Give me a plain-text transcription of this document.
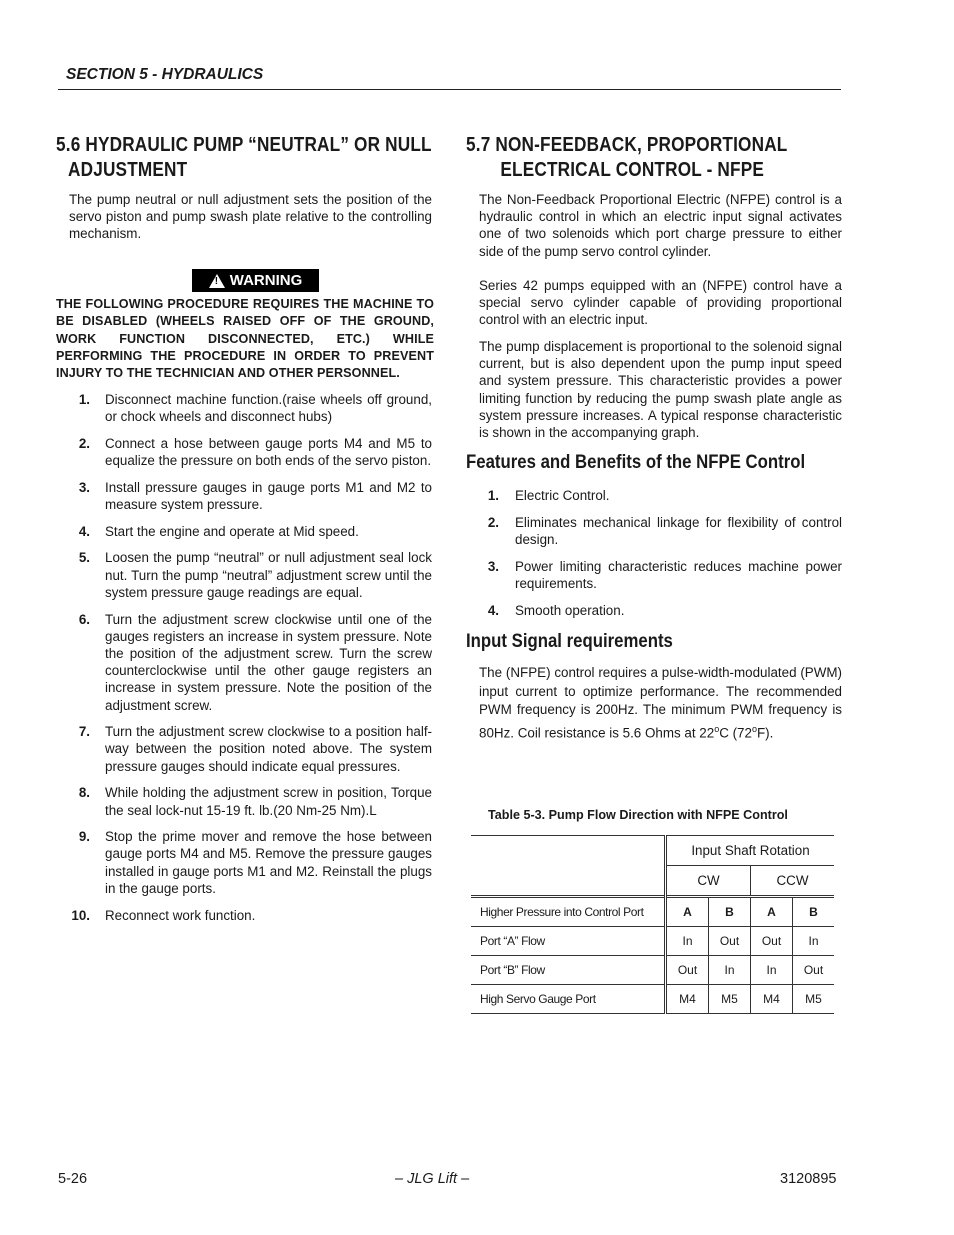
SECTION 5 - HYDRAULICS
5.6 HYDRAULIC PUMP “NEUTRAL” OR NULL
ADJUSTMENT
The pump neutral or null adjustment sets the position of the servo piston and pump swash plate relative to the controlling mechanism.
! WARNING
THE FOLLOWING PROCEDURE REQUIRES THE MACHINE TO BE DISABLED (WHEELS RAISED OFF OF THE GROUND, WORK FUNCTION DISCONNECTED, ETC.) WHILE PERFORMING THE PROCEDURE IN ORDER TO PREVENT INJURY TO THE TECHNICIAN AND OTHER PERSONNEL.
1.	Disconnect machine function.(raise wheels off ground, or chock wheels and disconnect hubs)
2.	Connect a hose between gauge ports M4 and M5 to equalize the pressure on both ends of the servo piston.
3.	Install pressure gauges in gauge ports M1 and M2 to measure system pressure.
4.	Start the engine and operate at Mid speed.
5.	Loosen the pump “neutral” or null adjustment seal lock nut. Turn the pump “neutral” adjustment screw until the system pressure gauge readings are equal.
6.	Turn the adjustment screw clockwise until one of the gauges registers an increase in system pressure. Note the position of the adjustment screw. Turn the screw counterclockwise until the other gauge registers an increase in system pressure. Note the position of the adjustment screw.
7.	Turn the adjustment screw clockwise to a position half-way between the position noted above. The system pressure gauges should indicate equal pressures.
8.	While holding the adjustment screw in position, Torque the seal lock-nut 15-19 ft. lb.(20 Nm-25 Nm).L
9.	Stop the prime mover and remove the hose between gauge ports M4 and M5. Remove the pressure gauges installed in gauge ports M1 and M2. Reinstall the plugs in the gauge ports.
10.	Reconnect work function.
5.7 NON-FEEDBACK, PROPORTIONAL
ELECTRICAL CONTROL - NFPE
The Non-Feedback Proportional Electric (NFPE) control is a hydraulic control in which an electric input signal activates one of two solenoids which port charge pressure to either side of the pump servo control cylinder.
Series 42 pumps equipped with an (NFPE) control have a special servo cylinder capable of providing proportional control with an electric input.
The pump displacement is proportional to the solenoid signal current, but is also dependent upon the pump input speed and system pressure. This characteristic provides a power limiting function by reducing the pump swash plate angle as system pressure increases. A typical response characteristic is shown in the accompanying graph.
Features and Benefits of the NFPE Control
1.	Electric Control.
2.	Eliminates mechanical linkage for flexibility of control design.
3.	Power limiting characteristic reduces machine power requirements.
4.	Smooth operation.
Input Signal requirements
The (NFPE) control requires a pulse-width-modulated (PWM) input current to optimize performance. The recommended PWM frequency is 200Hz. The minimum PWM frequency is 80Hz. Coil resistance is 5.6 Ohms at 22$^o$C (72$^o$F).
Table 5-3. Pump Flow Direction with NFPE Control
	Input Shaft Rotation			
	CW		CCW	
Higher Pressure into Control Port	A	B	A	B
Port “A” Flow	In	Out	Out	In
Port “B” Flow	Out	In	In	Out
High Servo Gauge Port	M4	M5	M4	M5
5-26	– JLG Lift –	3120895
